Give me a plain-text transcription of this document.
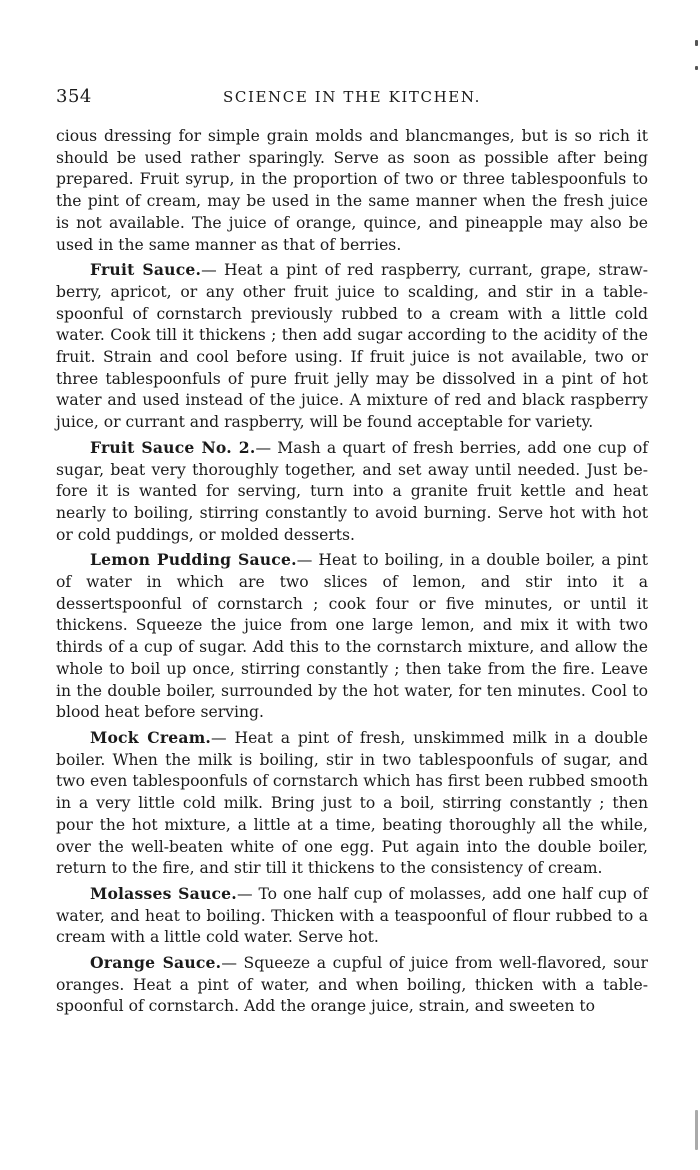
354	SCIENCE IN THE KITCHEN.

cious dressing for simple grain molds and blancmanges, but is so rich it should be used rather sparingly. Serve as soon as possible after being prepared. Fruit syrup, in the proportion of two or three tablespoonfuls to the pint of cream, may be used in the same manner when the fresh juice is not available. The juice of orange, quince, and pineapple may also be used in the same manner as that of berries.

Fruit Sauce.— Heat a pint of red raspberry, currant, grape, strawberry, apricot, or any other fruit juice to scalding, and stir in a tablespoonful of cornstarch previously rubbed to a cream with a little cold water. Cook till it thickens ; then add sugar according to the acidity of the fruit. Strain and cool before using. If fruit juice is not available, two or three tablespoonfuls of pure fruit jelly may be dissolved in a pint of hot water and used instead of the juice. A mixture of red and black raspberry juice, or currant and raspberry, will be found acceptable for variety.

Fruit Sauce No. 2.— Mash a quart of fresh berries, add one cup of sugar, beat very thoroughly together, and set away until needed. Just before it is wanted for serving, turn into a granite fruit kettle and heat nearly to boiling, stirring constantly to avoid burning. Serve hot with hot or cold puddings, or molded desserts.

Lemon Pudding Sauce.— Heat to boiling, in a double boiler, a pint of water in which are two slices of lemon, and stir into it a dessertspoonful of cornstarch ; cook four or five minutes, or until it thickens. Squeeze the juice from one large lemon, and mix it with two thirds of a cup of sugar. Add this to the cornstarch mixture, and allow the whole to boil up once, stirring constantly ; then take from the fire. Leave in the double boiler, surrounded by the hot water, for ten minutes. Cool to blood heat before serving.

Mock Cream.— Heat a pint of fresh, unskimmed milk in a double boiler. When the milk is boiling, stir in two tablespoonfuls of sugar, and two even tablespoonfuls of cornstarch which has first been rubbed smooth in a very little cold milk. Bring just to a boil, stirring constantly ; then pour the hot mixture, a little at a time, beating thoroughly all the while, over the well-beaten white of one egg. Put again into the double boiler, return to the fire, and stir till it thickens to the consistency of cream.

Molasses Sauce.— To one half cup of molasses, add one half cup of water, and heat to boiling. Thicken with a teaspoonful of flour rubbed to a cream with a little cold water. Serve hot.

Orange Sauce.— Squeeze a cupful of juice from well-flavored, sour oranges. Heat a pint of water, and when boiling, thicken with a tablespoonful of cornstarch. Add the orange juice, strain, and sweeten to
